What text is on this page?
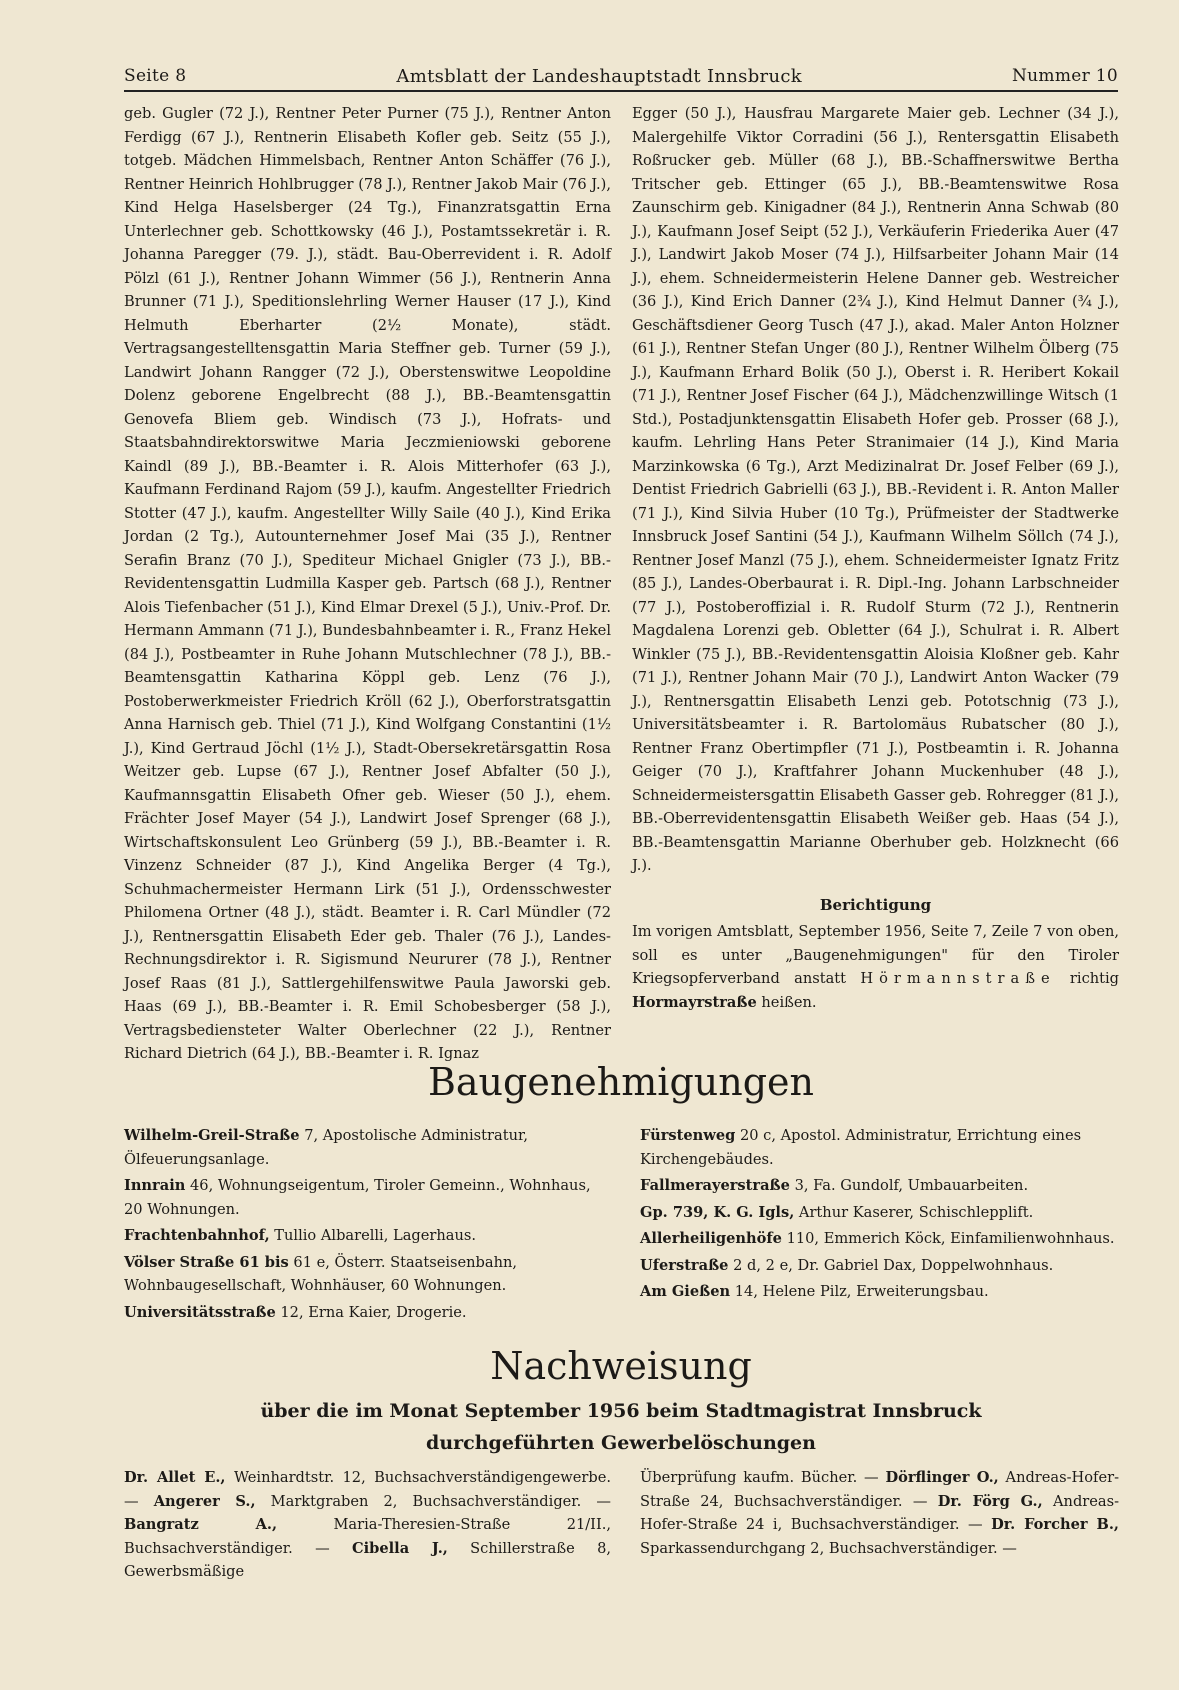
Seite 8	Amtsblatt der Landeshauptstadt Innsbruck	Nummer 10

geb. Gugler (72 J.), Rentner Peter Purner (75 J.), Rentner Anton Ferdigg (67 J.), Rentnerin Elisabeth Kofler geb. Seitz (55 J.), totgeb. Mädchen Himmelsbach, Rentner Anton Schäffer (76 J.), Rentner Heinrich Hohlbrugger (78 J.), Rentner Jakob Mair (76 J.), Kind Helga Haselsberger (24 Tg.), Finanzratsgattin Erna Unterlechner geb. Schottkowsky (46 J.), Postamtssekretär i. R. Johanna Paregger (79. J.), städt. Bau-Oberrevident i. R. Adolf Pölzl (61 J.), Rentner Johann Wimmer (56 J.), Rentnerin Anna Brunner (71 J.), Speditionslehrling Werner Hauser (17 J.), Kind Helmuth Eberharter (2½ Monate), städt. Vertragsangestelltensgattin Maria Steffner geb. Turner (59 J.), Landwirt Johann Rangger (72 J.), Oberstenswitwe Leopoldine Dolenz geborene Engelbrecht (88 J.), BB.-Beamtensgattin Genovefa Bliem geb. Windisch (73 J.), Hofrats- und Staatsbahndirektorswitwe Maria Jeczmieniowski geborene Kaindl (89 J.), BB.-Beamter i. R. Alois Mitterhofer (63 J.), Kaufmann Ferdinand Rajom (59 J.), kaufm. Angestellter Friedrich Stotter (47 J.), kaufm. Angestellter Willy Saile (40 J.), Kind Erika Jordan (2 Tg.), Autounternehmer Josef Mai (35 J.), Rentner Serafin Branz (70 J.), Spediteur Michael Gnigler (73 J.), BB.-Revidentensgattin Ludmilla Kasper geb. Partsch (68 J.), Rentner Alois Tiefenbacher (51 J.), Kind Elmar Drexel (5 J.), Univ.-Prof. Dr. Hermann Ammann (71 J.), Bundesbahnbeamter i. R., Franz Hekel (84 J.), Postbeamter in Ruhe Johann Mutschlechner (78 J.), BB.-Beamtensgattin Katharina Köppl geb. Lenz (76 J.), Postoberwerkmeister Friedrich Kröll (62 J.), Oberforstratsgattin Anna Harnisch geb. Thiel (71 J.), Kind Wolfgang Constantini (1½ J.), Kind Gertraud Jöchl (1½ J.), Stadt-Obersekretärsgattin Rosa Weitzer geb. Lupse (67 J.), Rentner Josef Abfalter (50 J.), Kaufmannsgattin Elisabeth Ofner geb. Wieser (50 J.), ehem. Frächter Josef Mayer (54 J.), Landwirt Josef Sprenger (68 J.), Wirtschaftskonsulent Leo Grünberg (59 J.), BB.-Beamter i. R. Vinzenz Schneider (87 J.), Kind Angelika Berger (4 Tg.), Schuhmachermeister Hermann Lirk (51 J.), Ordensschwester Philomena Ortner (48 J.), städt. Beamter i. R. Carl Mündler (72 J.), Rentnersgattin Elisabeth Eder geb. Thaler (76 J.), Landes-Rechnungsdirektor i. R. Sigismund Neururer (78 J.), Rentner Josef Raas (81 J.), Sattlergehilfenswitwe Paula Jaworski geb. Haas (69 J.), BB.-Beamter i. R. Emil Schobesberger (58 J.), Vertragsbediensteter Walter Oberlechner (22 J.), Rentner Richard Dietrich (64 J.), BB.-Beamter i. R. Ignaz

Egger (50 J.), Hausfrau Margarete Maier geb. Lechner (34 J.), Malergehilfe Viktor Corradini (56 J.), Rentersgattin Elisabeth Roßrucker geb. Müller (68 J.), BB.-Schaffnerswitwe Bertha Tritscher geb. Ettinger (65 J.), BB.-Beamtenswitwe Rosa Zaunschirm geb. Kinigadner (84 J.), Rentnerin Anna Schwab (80 J.), Kaufmann Josef Seipt (52 J.), Verkäuferin Friederika Auer (47 J.), Landwirt Jakob Moser (74 J.), Hilfsarbeiter Johann Mair (14 J.), ehem. Schneidermeisterin Helene Danner geb. Westreicher (36 J.), Kind Erich Danner (2¾ J.), Kind Helmut Danner (¾ J.), Geschäftsdiener Georg Tusch (47 J.), akad. Maler Anton Holzner (61 J.), Rentner Stefan Unger (80 J.), Rentner Wilhelm Ölberg (75 J.), Kaufmann Erhard Bolik (50 J.), Oberst i. R. Heribert Kokail (71 J.), Rentner Josef Fischer (64 J.), Mädchenzwillinge Witsch (1 Std.), Postadjunktensgattin Elisabeth Hofer geb. Prosser (68 J.), kaufm. Lehrling Hans Peter Stranimaier (14 J.), Kind Maria Marzinkowska (6 Tg.), Arzt Medizinalrat Dr. Josef Felber (69 J.), Dentist Friedrich Gabrielli (63 J.), BB.-Revident i. R. Anton Maller (71 J.), Kind Silvia Huber (10 Tg.), Prüfmeister der Stadtwerke Innsbruck Josef Santini (54 J.), Kaufmann Wilhelm Söllch (74 J.), Rentner Josef Manzl (75 J.), ehem. Schneidermeister Ignatz Fritz (85 J.), Landes-Oberbaurat i. R. Dipl.-Ing. Johann Larbschneider (77 J.), Postoberoffizial i. R. Rudolf Sturm (72 J.), Rentnerin Magdalena Lorenzi geb. Obletter (64 J.), Schulrat i. R. Albert Winkler (75 J.), BB.-Revidentensgattin Aloisia Kloßner geb. Kahr (71 J.), Rentner Johann Mair (70 J.), Landwirt Anton Wacker (79 J.), Rentnersgattin Elisabeth Lenzi geb. Pototschnig (73 J.), Universitätsbeamter i. R. Bartolomäus Rubatscher (80 J.), Rentner Franz Obertimpfler (71 J.), Postbeamtin i. R. Johanna Geiger (70 J.), Kraftfahrer Johann Muckenhuber (48 J.), Schneidermeistersgattin Elisabeth Gasser geb. Rohregger (81 J.), BB.-Oberrevidentensgattin Elisabeth Weißer geb. Haas (54 J.), BB.-Beamtensgattin Marianne Oberhuber geb. Holzknecht (66 J.).

Berichtigung
Im vorigen Amtsblatt, September 1956, Seite 7, Zeile 7 von oben, soll es unter „Baugenehmigungen" für den Tiroler Kriegsopferverband anstatt Hörmannstraße richtig Hormayrstraße heißen.
Baugenehmigungen
Wilhelm-Greil-Straße 7, Apostolische Administratur, Ölfeuerungsanlage.
Innrain 46, Wohnungseigentum, Tiroler Gemeinn., Wohnhaus, 20 Wohnungen.
Frachtenbahnhof, Tullio Albarelli, Lagerhaus.
Völser Straße 61 bis 61 e, Österr. Staatseisenbahn, Wohnbaugesellschaft, Wohnhäuser, 60 Wohnungen.
Universitätsstraße 12, Erna Kaier, Drogerie.
Fürstenweg 20 c, Apostol. Administratur, Errichtung eines Kirchengebäudes.
Fallmerayerstraße 3, Fa. Gundolf, Umbauarbeiten.
Gp. 739, K. G. Igls, Arthur Kaserer, Schischlepplift.
Allerheiligenhöfe 110, Emmerich Köck, Einfamilienwohnhaus.
Uferstraße 2 d, 2 e, Dr. Gabriel Dax, Doppelwohnhaus.
Am Gießen 14, Helene Pilz, Erweiterungsbau.
Nachweisung
über die im Monat September 1956 beim Stadtmagistrat Innsbruck
durchgeführten Gewerbelöschungen
Dr. Allet E., Weinhardtstr. 12, Buchsachverständigengewerbe. — Angerer S., Marktgraben 2, Buchsachverständiger. — Bangratz A.,	Maria-Theresien-Straße 21/II., Buchsachverständiger. — Cibella J., Schillerstraße 8, Gewerbsmäßige
Überprüfung kaufm. Bücher. — Dörflinger O., Andreas-Hofer-Straße 24, Buchsachverständiger. — Dr. Förg G., Andreas-Hofer-Straße 24 i, Buchsachverständiger. — Dr. Forcher B., Sparkassendurchgang 2, Buchsachverständiger. —
